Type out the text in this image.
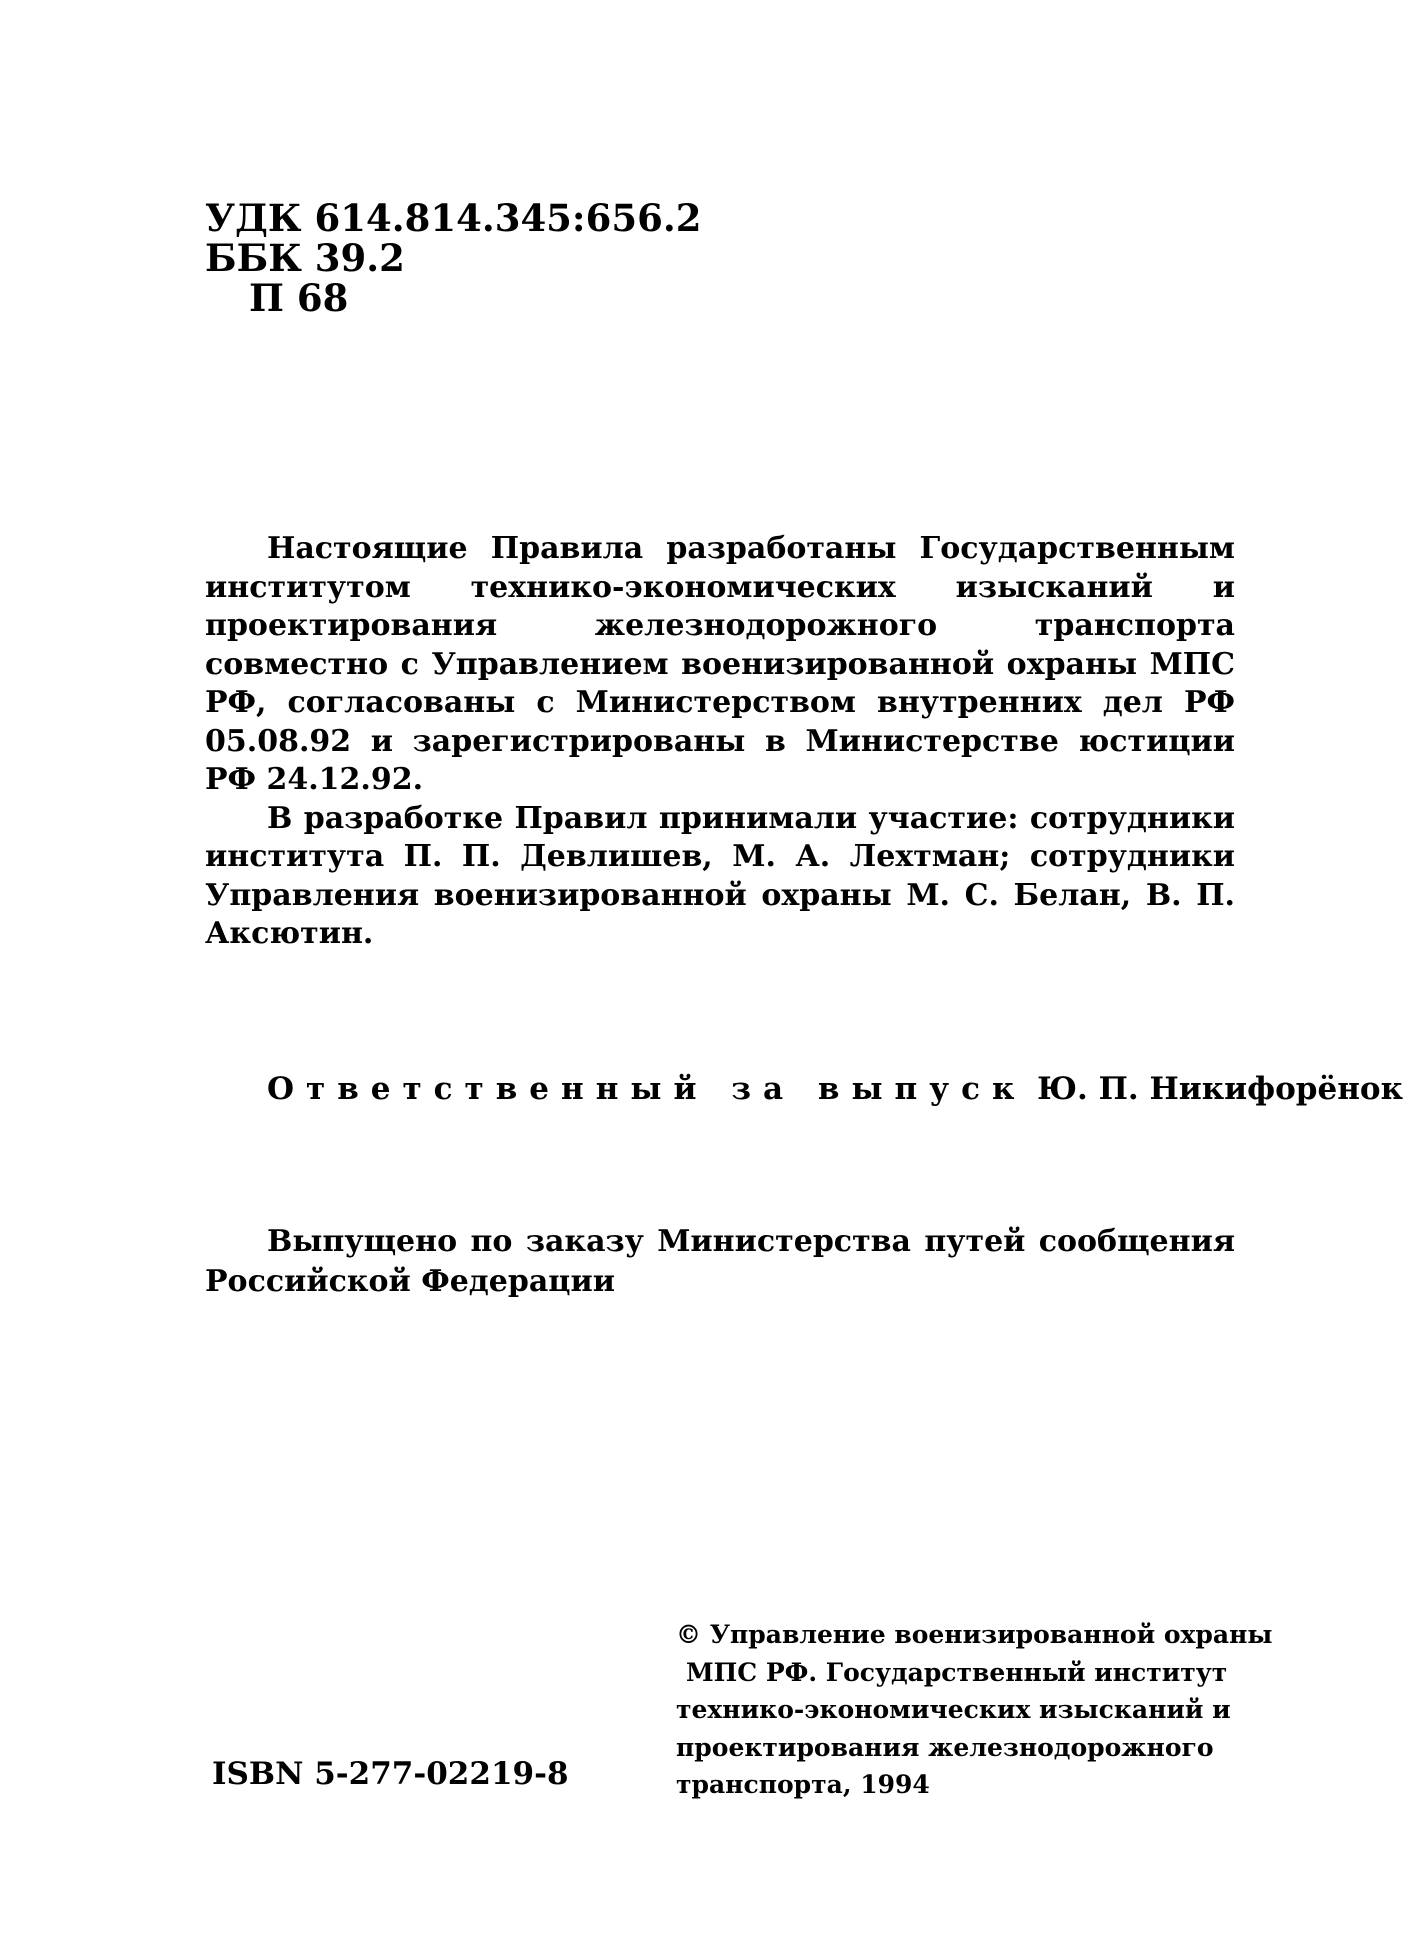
УДК 614.814.345:656.2
ББК 39.2
П 68

Настоящие Правила разработаны Государственным институтом технико-экономических изысканий и проектирования железнодорожного транспорта совместно с Управлением военизированной охраны МПС РФ, согласованы с Министерством внутренних дел РФ 05.08.92 и зарегистрированы в Министерстве юстиции РФ 24.12.92.

В разработке Правил принимали участие: сотрудники института П. П. Девлишев, М. А. Лехтман; сотрудники Управления военизированной охраны М. С. Белан, В. П. Аксютин.

Ответственный за выпуск Ю. П. Никифорёнок

Выпущено по заказу Министерства путей сообщения Российской Федерации

ISBN 5-277-02219-8
© Управление военизированной охраны
МПС РФ. Государственный институт
технико-экономических изысканий и
проектирования железнодорожного
транспорта, 1994
